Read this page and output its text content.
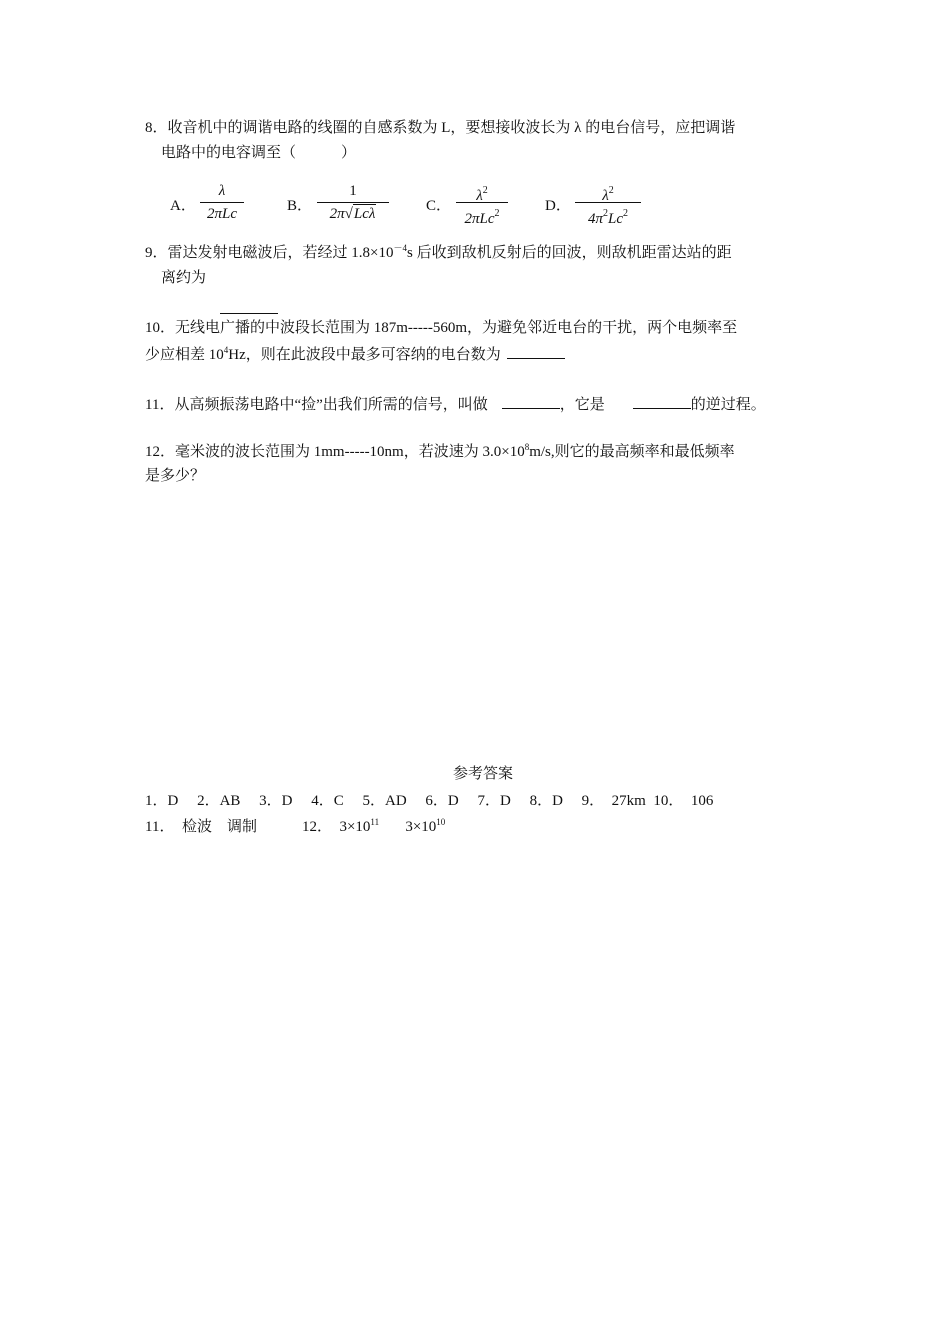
8．收音机中的调谐电路的线圈的自感系数为 L，要想接收波长为 λ 的电台信号，应把调谐
电路中的电容调至（　　　）
A．
λ
2πLc	B．
1
2π√Lcλ	C．
$\lambda^2$
2πLc$^2$	D．
$\lambda^2$
$4\pi^2Lc^2$
9．雷达发射电磁波后，若经过 $1.8\times 10^{-4}s$ 后收到敌机反射后的回波，则敌机距雷达站的距
离约为
10．无线电广播的中波段长范围为 187m-----560m，为避免邻近电台的干扰，两个电频率至
少应相差 $10^4Hz$，则在此波段中最多可容纳的电台数为
11．从高频振荡电路中“捡”出我们所需的信号，叫做	，它是	的逆过程。
12．毫米波的波长范围为 1mm-----10nm，若波速为 $3.0\times 10^8m/s$,则它的最高频率和最低频率
是多少？
参考答案
1．D　 2．AB　 3．D　 4．C　 5．AD　 6．D　 7．D　 8．D　 9．  27km  10．  106
11．  检波    调制            12．  $3\times 10^{11}$       $3\times 10^{10}$
